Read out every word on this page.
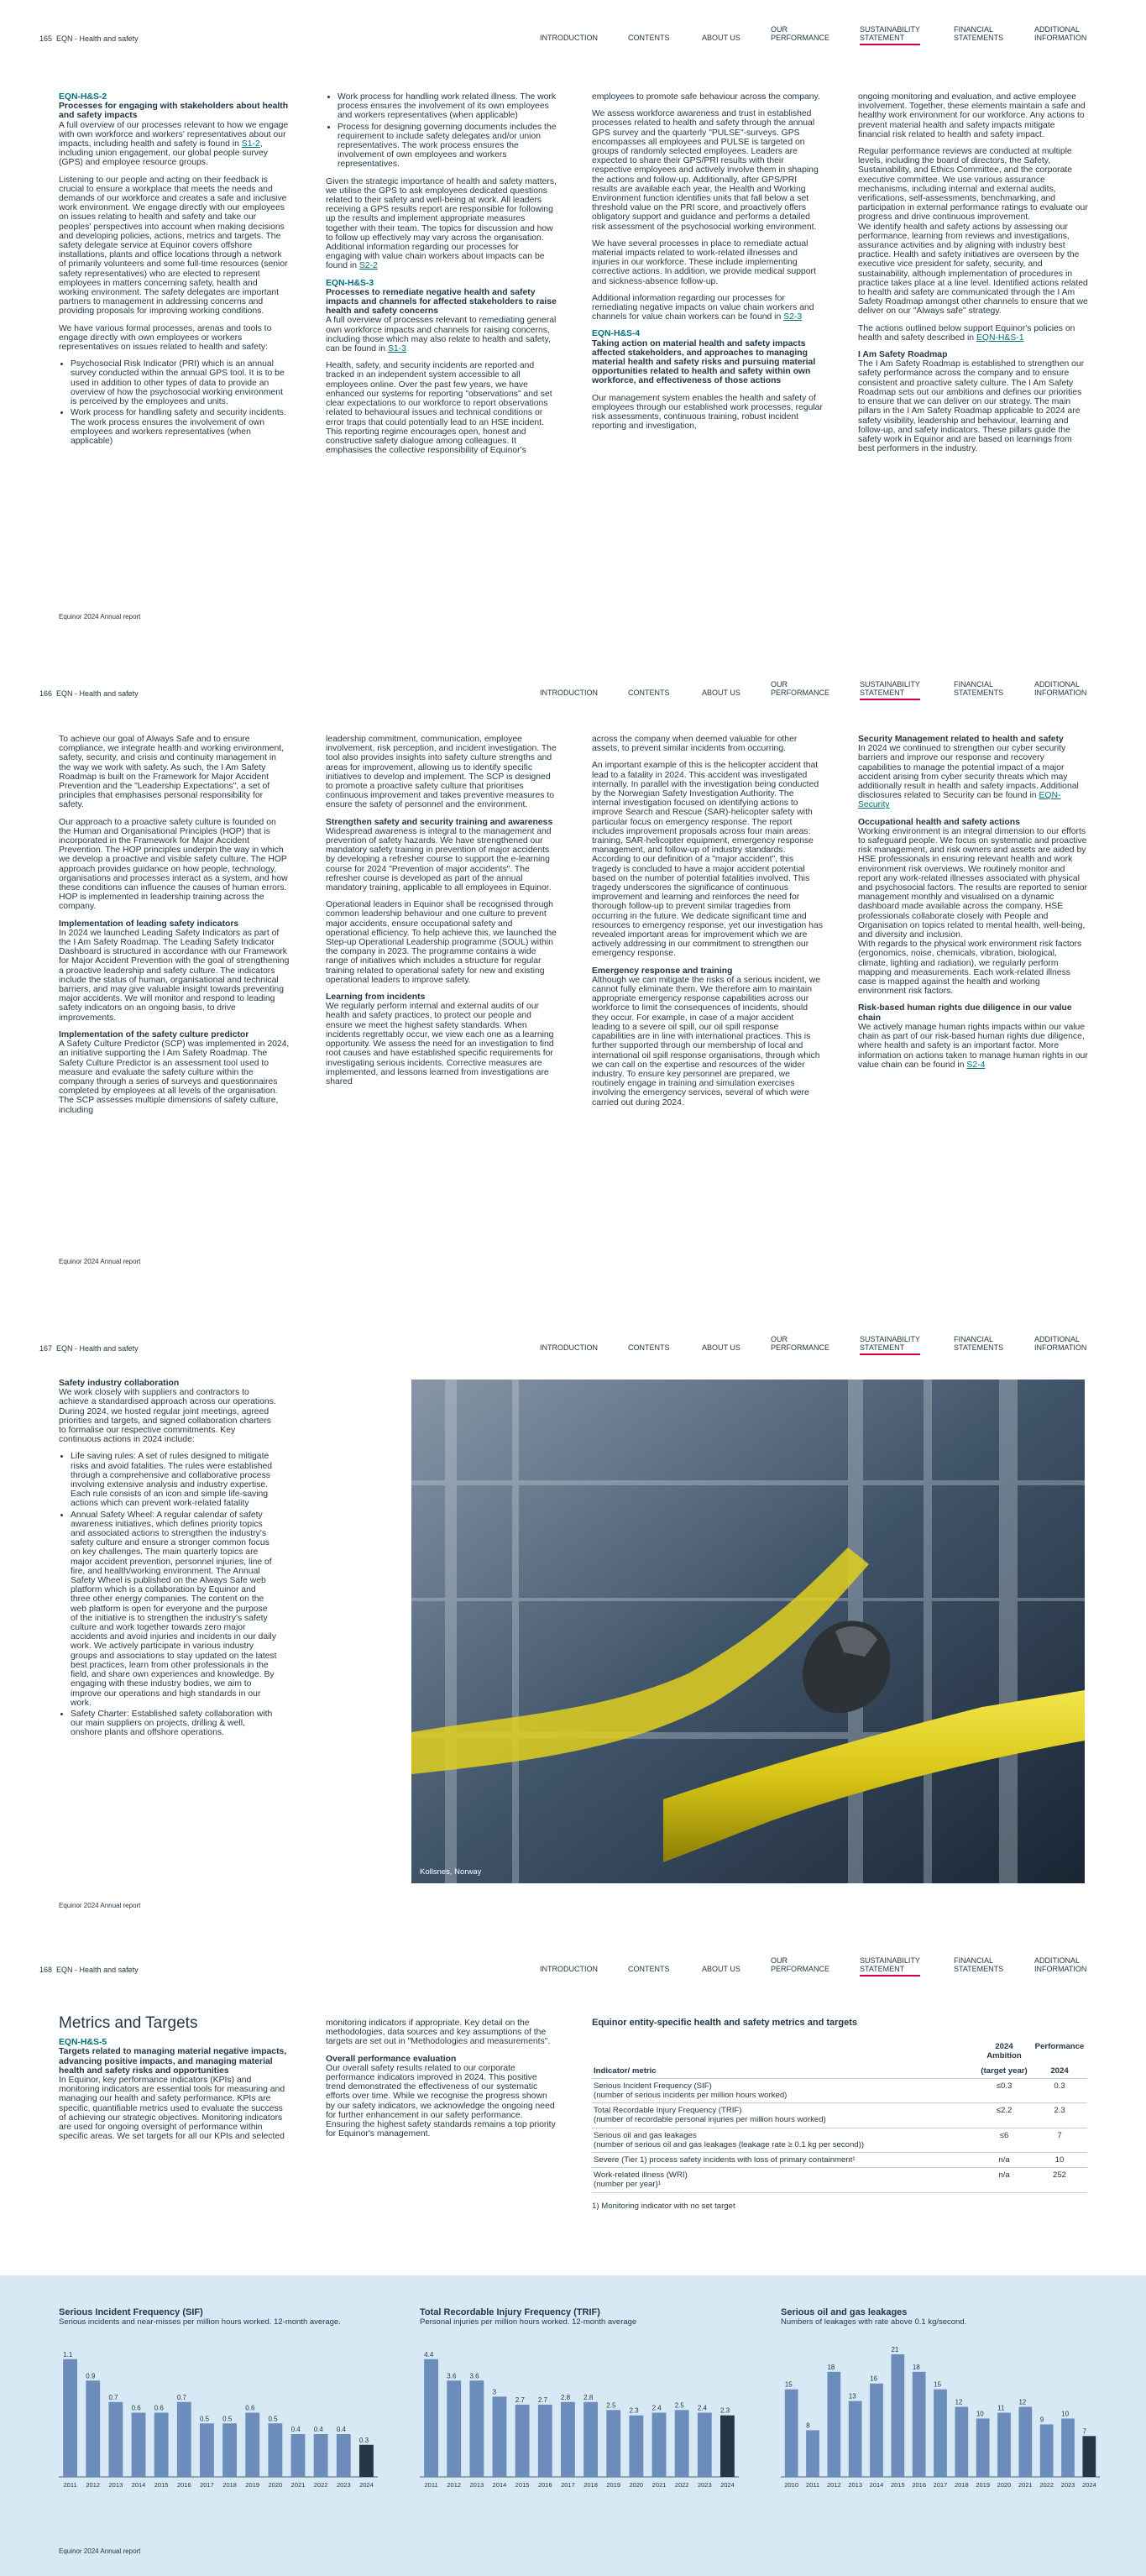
165 EQN - Health and safety	INTRODUCTION	CONTENTS	ABOUT US
OUR
PERFORMANCE
SUSTAINABILITY
STATEMENT
FINANCIAL
STATEMENTS
ADDITIONAL
INFORMATION
EQN-H&S-2
Processes for engaging with stakeholders about health and safety impacts

A full overview of our processes relevant to how we engage with own workforce and workers' representatives about our impacts, including health and safety is found in S1-2, including union engagement, our global people survey (GPS) and employee resource groups.

Listening to our people and acting on their feedback is crucial to ensure a workplace that meets the needs and demands of our workforce and creates a safe and inclusive work environment. We engage directly with our employees on issues relating to health and safety and take our peoples' perspectives into account when making decisions and developing policies, actions, metrics and targets. The safety delegate service at Equinor covers offshore installations, plants and office locations through a network of primarily volunteers and some full-time resources (senior safety representatives) who are elected to represent employees in matters concerning safety, health and working environment. The safety delegates are important partners to management in addressing concerns and providing proposals for improving working conditions.

We have various formal processes, arenas and tools to engage directly with own employees or workers representatives on issues related to health and safety:

• Psychosocial Risk Indicator (PRI) which is an annual survey conducted within the annual GPS tool. It is to be used in addition to other types of data to provide an overview of how the psychosocial working environment is perceived by the employees and units.
• Work process for handling safety and security incidents. The work process ensures the involvement of own employees and workers representatives (when applicable)
• Work process for handling work related illness. The work process ensures the involvement of its own employees and workers representatives (when applicable)
• Process for designing governing documents includes the requirement to include safety delegates and/or union representatives. The work process ensures the involvement of own employees and workers representatives.

Given the strategic importance of health and safety matters, we utilise the GPS to ask employees dedicated questions related to their safety and well-being at work. All leaders receiving a GPS results report are responsible for following up the results and implement appropriate measures together with their team. The topics for discussion and how to follow up effectively may vary across the organisation. Additional information regarding our processes for engaging with value chain workers about impacts can be found in S2-2

EQN-H&S-3
Processes to remediate negative health and safety impacts and channels for affected stakeholders to raise health and safety concerns

A full overview of processes relevant to remediating general own workforce impacts and channels for raising concerns, including those which may also relate to health and safety, can be found in S1-3

Health, safety, and security incidents are reported and tracked in an independent system accessible to all employees online. Over the past few years, we have enhanced our systems for reporting "observations" and set clear expectations to our workforce to report observations related to behavioural issues and technical conditions or error traps that could potentially lead to an HSE incident. This reporting regime encourages open, honest and constructive safety dialogue among colleagues. It emphasises the collective responsibility of Equinor's

employees to promote safe behaviour across the company.

We assess workforce awareness and trust in established processes related to health and safety through the annual GPS survey and the quarterly "PULSE"-surveys. GPS encompasses all employees and PULSE is targeted on groups of randomly selected employees. Leaders are expected to share their GPS/PRI results with their respective employees and actively involve them in shaping the actions and follow-up. Additionally, after GPS/PRI results are available each year, the Health and Working Environment function identifies units that fall below a set threshold value on the PRI score, and proactively offers obligatory support and guidance and performs a detailed risk assessment of the psychosocial working environment.

We have several processes in place to remediate actual material impacts related to work-related illnesses and injuries in our workforce. These include implementing corrective actions. In addition, we provide medical support and sickness-absence follow-up.

Additional information regarding our processes for remediating negative impacts on value chain workers and channels for value chain workers can be found in S2-3

EQN-H&S-4
Taking action on material health and safety impacts affected stakeholders, and approaches to managing material health and safety risks and pursuing material opportunities related to health and safety within own workforce, and effectiveness of those actions

Our management system enables the health and safety of employees through our established work processes, regular risk assessments, continuous training, robust incident reporting and investigation,

ongoing monitoring and evaluation, and active employee involvement. Together, these elements maintain a safe and healthy work environment for our workforce. Any actions to prevent material health and safety impacts mitigate financial risk related to health and safety impact.

Regular performance reviews are conducted at multiple levels, including the board of directors, the Safety, Sustainability, and Ethics Committee, and the corporate executive committee. We use various assurance mechanisms, including internal and external audits, verifications, self-assessments, benchmarking, and participation in external performance ratings to evaluate our progress and drive continuous improvement.
We identify health and safety actions by assessing our performance, learning from reviews and investigations, assurance activities and by aligning with industry best practice. Health and safety initiatives are overseen by the executive vice president for safety, security, and sustainability, although implementation of procedures in practice takes place at a line level. Identified actions related to health and safety are communicated through the I Am Safety Roadmap amongst other channels to ensure that we deliver on our "Always safe" strategy.

The actions outlined below support Equinor's policies on health and safety described in EQN-H&S-1

I Am Safety Roadmap

The I Am Safety Roadmap is established to strengthen our safety performance across the company and to ensure consistent and proactive safety culture. The I Am Safety Roadmap sets out our ambitions and defines our priorities to ensure that we can deliver on our strategy. The main pillars in the I Am Safety Roadmap applicable to 2024 are safety visibility, leadership and behaviour, learning and follow-up, and safety indicators. These pillars guide the safety work in Equinor and are based on learnings from best performers in the industry.

Equinor 2024 Annual report
166 EQN - Health and safety	INTRODUCTION	CONTENTS	ABOUT US
OUR
PERFORMANCE
SUSTAINABILITY
STATEMENT
FINANCIAL
STATEMENTS
ADDITIONAL
INFORMATION

To achieve our goal of Always Safe and to ensure compliance, we integrate health and working environment, safety, security, and crisis and continuity management in the way we work with safety. As such, the I Am Safety Roadmap is built on the Framework for Major Accident Prevention and the "Leadership Expectations", a set of principles that emphasises personal responsibility for safety.

Our approach to a proactive safety culture is founded on the Human and Organisational Principles (HOP) that is incorporated in the Framework for Major Accident Prevention. The HOP principles underpin the way in which we develop a proactive and visible safety culture. The HOP approach provides guidance on how people, technology, organisations and processes interact as a system, and how these conditions can influence the causes of human errors. HOP is implemented in leadership training across the company.

Implementation of leading safety indicators

In 2024 we launched Leading Safety Indicators as part of the I Am Safety Roadmap. The Leading Safety Indicator Dashboard is structured in accordance with our Framework for Major Accident Prevention with the goal of strengthening a proactive leadership and safety culture. The indicators include the status of human, organisational and technical barriers, and may give valuable insight towards preventing major accidents. We will monitor and respond to leading safety indicators on an ongoing basis, to drive improvements.

Implementation of the safety culture predictor

A Safety Culture Predictor (SCP) was implemented in 2024, an initiative supporting the I Am Safety Roadmap. The Safety Culture Predictor is an assessment tool used to measure and evaluate the safety culture within the company through a series of surveys and questionnaires completed by employees at all levels of the organisation. The SCP assesses multiple dimensions of safety culture, including

leadership commitment, communication, employee involvement, risk perception, and incident investigation. The tool also provides insights into safety culture strengths and areas for improvement, allowing us to identify specific initiatives to develop and implement. The SCP is designed to promote a proactive safety culture that prioritises continuous improvement and takes preventive measures to ensure the safety of personnel and the environment.

Strengthen safety and security training and awareness

Widespread awareness is integral to the management and prevention of safety hazards. We have strengthened our mandatory safety training in prevention of major accidents by developing a refresher course to support the e-learning course for 2024 "Prevention of major accidents". The refresher course is developed as part of the annual mandatory training, applicable to all employees in Equinor.

Operational leaders in Equinor shall be recognised through common leadership behaviour and one culture to prevent major accidents, ensure occupational safety and operational efficiency. To help achieve this, we launched the Step-up Operational Leadership programme (SOUL) within the company in 2023. The programme contains a wide range of initiatives which includes a structure for regular training related to operational safety for new and existing operational leaders to improve safety.

Learning from incidents

We regularly perform internal and external audits of our health and safety practices, to protect our people and ensure we meet the highest safety standards. When incidents regrettably occur, we view each one as a learning opportunity. We assess the need for an investigation to find root causes and have established specific requirements for investigating serious incidents. Corrective measures are implemented, and lessons learned from investigations are shared

across the company when deemed valuable for other assets, to prevent similar incidents from occurring.

An important example of this is the helicopter accident that lead to a fatality in 2024. This accident was investigated internally. In parallel with the investigation being conducted by the Norwegian Safety Investigation Authority. The internal investigation focused on identifying actions to improve Search and Rescue (SAR)-helicopter safety with particular focus on emergency response. The report includes improvement proposals across four main areas: training, SAR-helicopter equipment, emergency response management, and follow-up of industry standards. According to our definition of a "major accident", this tragedy is concluded to have a major accident potential based on the number of potential fatalities involved. This tragedy underscores the significance of continuous improvement and learning and reinforces the need for thorough follow-up to prevent similar tragedies from occurring in the future. We dedicate significant time and resources to emergency response, yet our investigation has revealed important areas for improvement which we are actively addressing in our commitment to strengthen our emergency response.

Emergency response and training

Although we can mitigate the risks of a serious incident, we cannot fully eliminate them. We therefore aim to maintain appropriate emergency response capabilities across our workforce to limit the consequences of incidents, should they occur. For example, in case of a major accident leading to a severe oil spill, our oil spill response capabilities are in line with international practices. This is further supported through our membership of local and international oil spill response organisations, through which we can call on the expertise and resources of the wider industry. To ensure key personnel are prepared, we routinely engage in training and simulation exercises involving the emergency services, several of which were carried out during 2024.

Security Management related to health and safety

In 2024 we continued to strengthen our cyber security barriers and improve our response and recovery capabilities to manage the potential impact of a major accident arising from cyber security threats which may additionally result in health and safety impacts. Additional disclosures related to Security can be found in EQN-Security

Occupational health and safety actions

Working environment is an integral dimension to our efforts to safeguard people. We focus on systematic and proactive risk management, and risk owners and assets are aided by HSE professionals in ensuring relevant health and work environment risk overviews. We routinely monitor and report any work-related illnesses associated with physical and psychosocial factors. The results are reported to senior management monthly and visualised on a dynamic dashboard made available across the company. HSE professionals collaborate closely with People and Organisation on topics related to mental health, well-being, and diversity and inclusion.
With regards to the physical work environment risk factors (ergonomics, noise, chemicals, vibration, biological, climate, lighting and radiation), we regularly perform mapping and measurements. Each work-related illness case is mapped against the health and working environment risk factors.

Risk-based human rights due diligence in our value chain

We actively manage human rights impacts within our value chain as part of our risk-based human rights due diligence, where health and safety is an important factor. More information on actions taken to manage human rights in our value chain can be found in S2-4

Equinor 2024 Annual report
167 EQN - Health and safety	INTRODUCTION	CONTENTS	ABOUT US
OUR
PERFORMANCE
SUSTAINABILITY
STATEMENT
FINANCIAL
STATEMENTS
ADDITIONAL
INFORMATION
Safety industry collaboration

We work closely with suppliers and contractors to achieve a standardised approach across our operations. During 2024, we hosted regular joint meetings, agreed priorities and targets, and signed collaboration charters to formalise our respective commitments. Key continuous actions in 2024 include:

• Life saving rules: A set of rules designed to mitigate risks and avoid fatalities. The rules were established through a comprehensive and collaborative process involving extensive analysis and industry expertise. Each rule consists of an icon and simple life-saving actions which can prevent work-related fatality
• Annual Safety Wheel: A regular calendar of safety awareness initiatives, which defines priority topics and associated actions to strengthen the industry's safety culture and ensure a stronger common focus on key challenges. The main quarterly topics are major accident prevention, personnel injuries, line of fire, and health/working environment. The Annual Safety Wheel is published on the Always Safe web platform which is a collaboration by Equinor and three other energy companies. The content on the web platform is open for everyone and the purpose of the initiative is to strengthen the industry's safety culture and work together towards zero major accidents and avoid injuries and incidents in our daily work. We actively participate in various industry groups and associations to stay updated on the latest best practices, learn from other professionals in the field, and share own experiences and knowledge. By engaging with these industry bodies, we aim to improve our operations and high standards in our work.
• Safety Charter: Established safety collaboration with our main suppliers on projects, drilling & well, onshore plants and offshore operations.
Equinor 2024 Annual report
Kollsnes, Norway
168 EQN - Health and safety	INTRODUCTION	CONTENTS	ABOUT US
OUR
PERFORMANCE
SUSTAINABILITY
STATEMENT
FINANCIAL
STATEMENTS
ADDITIONAL
INFORMATION
Metrics and Targets
EQN-H&S-5
Targets related to managing material negative impacts, advancing positive impacts, and managing material health and safety risks and opportunities

In Equinor, key performance indicators (KPIs) and monitoring indicators are essential tools for measuring and managing our health and safety performance. KPIs are specific, quantifiable metrics used to evaluate the success of achieving our strategic objectives. Monitoring indicators are used for ongoing oversight of performance within specific areas. We set targets for all our KPIs and selected

monitoring indicators if appropriate. Key detail on the methodologies, data sources and key assumptions of the targets are set out in "Methodologies and measurements".

Overall performance evaluation

Our overall safety results related to our corporate performance indicators improved in 2024. This positive trend demonstrated the effectiveness of our systematic efforts over time. While we recognise the progress shown by our safety indicators, we acknowledge the ongoing need for further enhancement in our safety performance. Ensuring the highest safety standards remains a top priority for Equinor's management.

Equinor entity-specific health and safety metrics and targets
	2024 Ambition	Performance
Indicator/ metric	(target year)	2024

Serious Incident Frequency (SIF)
(number of serious incidents per million hours worked)	≤0.3	0.3

Total Recordable Injury Frequency (TRIF)
(number of recordable personal injuries per million hours worked)	≤2.2	2.3

Serious oil and gas leakages
(number of serious oil and gas leakages (leakage rate ≥ 0.1 kg per second))	≤6	7

Severe (Tier 1) process safety incidents with loss of primary containment¹	n/a	10

Work-related illness (WRI)
(number per year)¹	n/a	252
1) Monitoring indicator with no set target
Serious Incident Frequency (SIF)
Serious incidents and near-misses per million hours worked. 12-month average.
1.1
2011
0.9
2012
0.7
2013
0.6
2014
0.6
2015
0.7
2016
0.5
2017
0.5
2018
0.6
2019
0.5
2020
0.4
2021
0.4
2022
0.4
2023
0.3
2024
Total Recordable Injury Frequency (TRIF)
Personal injuries per million hours worked. 12-month average
4.4
2011
3.6
2012
3.6
2013
3
2014
2.7
2015
2.7
2016
2.8
2017
2.8
2018
2.5
2019
2.3
2020
2.4
2021
2.5
2022
2.4
2023
2.3
2024
Serious oil and gas leakages
Numbers of leakages with rate above 0.1 kg/second.
15
2010
8
2011
18
2012
13
2013
16
2014
21
2015
18
2016
15
2017
12
2018
10
2019
11
2020
12
2021
9
2022
10
2023
7
2024
Equinor 2024 Annual report
